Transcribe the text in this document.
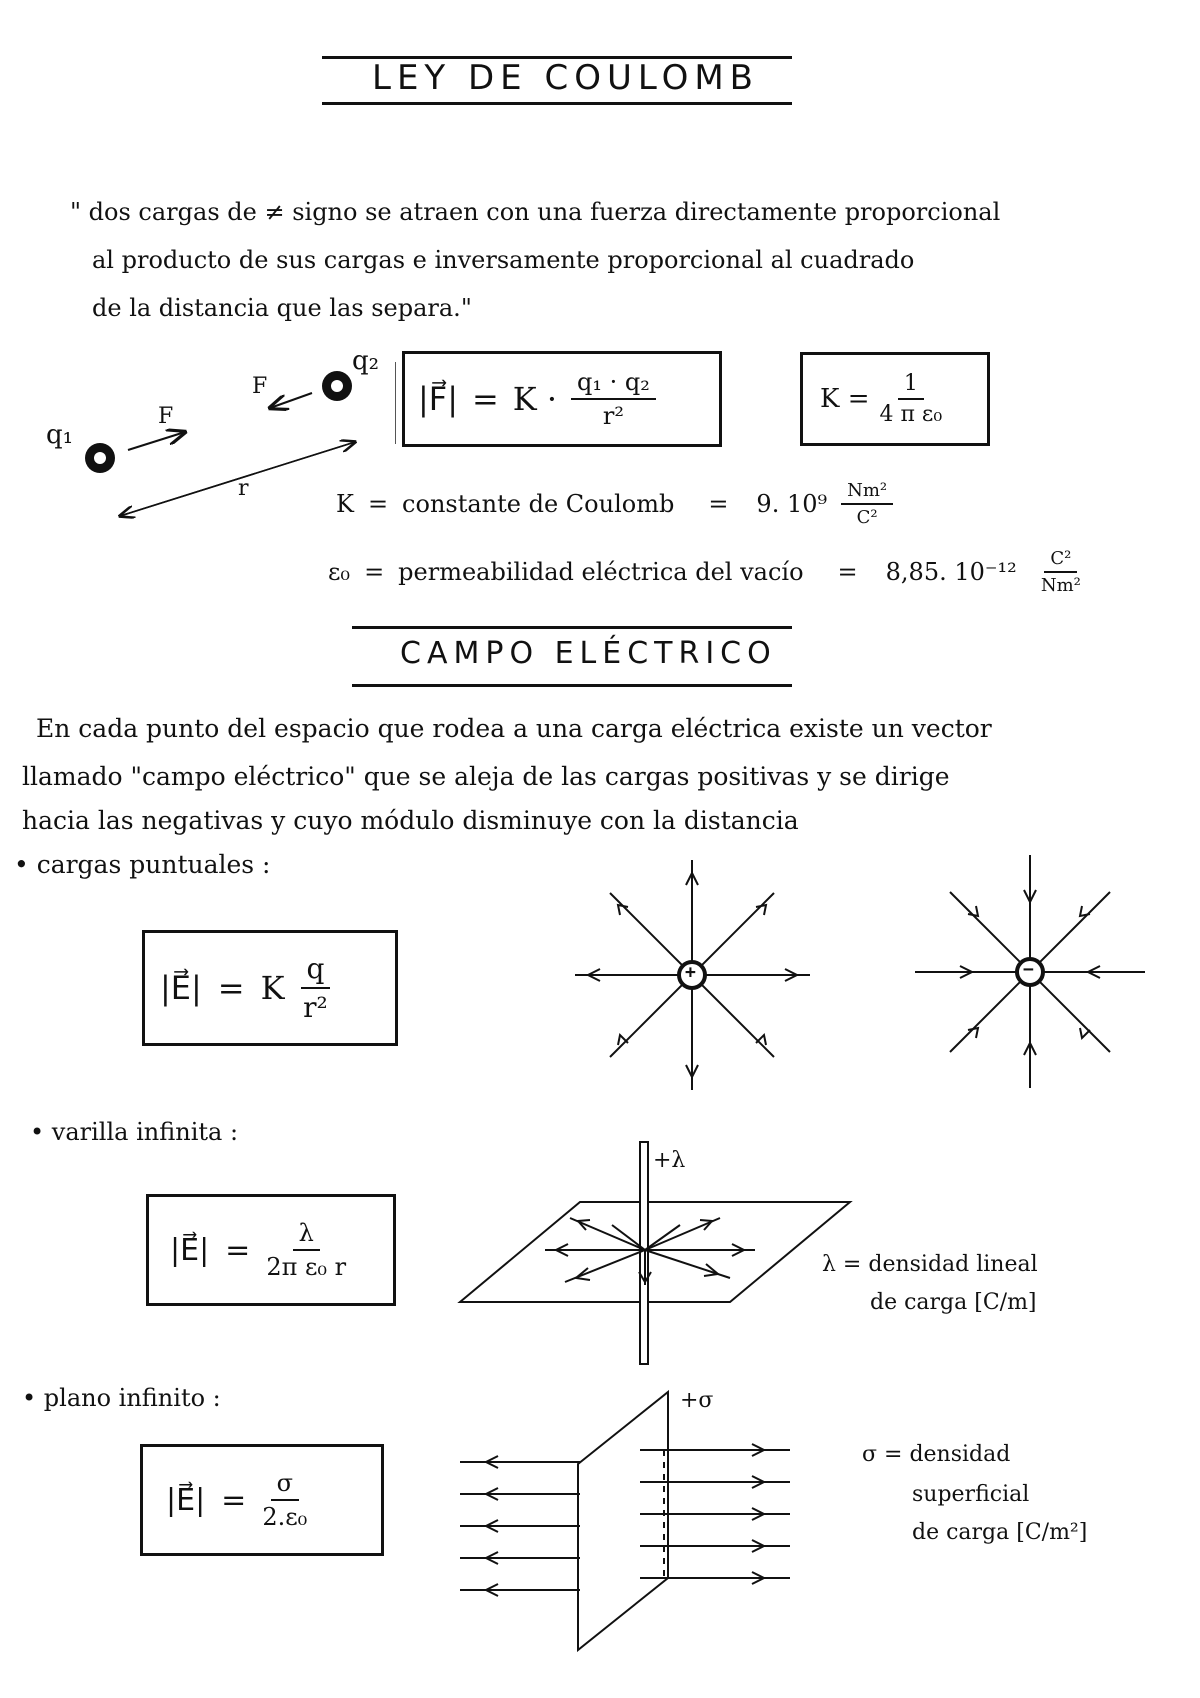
LEY DE COULOMB
" dos cargas de ≠ signo se atraen con una fuerza directamente proporcional
al producto de sus cargas e inversamente proporcional al cuadrado
de la distancia que las separa."
q₁
q₂
F
F
r
|F⃗| = $K \cdot \frac{\text{q₁ · q₂}}{\text{r²}}$	$K = \frac{1}{\text{4 π ε₀}}$
K = constante de Coulomb = 9. $10^9 \frac{\text{Nm²}}{\text{C²}}$
ε₀ = permeabilidad eléctrica del vacío = 8,85. $10^{-12} \frac{\text{C²}}{\text{Nm²}}$
CAMPO ELÉCTRICO
En cada punto del espacio que rodea a una carga eléctrica existe un vector
llamado "campo eléctrico" que se aleja de las cargas positivas y se dirige
hacia las negativas y cuyo módulo disminuye con la distancia
• cargas puntuales :
|E⃗| = K $\frac{q}{\text{r²}}$	+	−
• varilla infinita :
|E⃗| = $\frac{\lambda}{\text{2π ε₀ r}}$
+λ
λ = densidad lineal
de carga [C/m]
• plano infinito :
|E⃗| = $\frac{\sigma}{\text{2.ε₀}}$
+σ
σ = densidad
superficial
de carga [C/m²]
